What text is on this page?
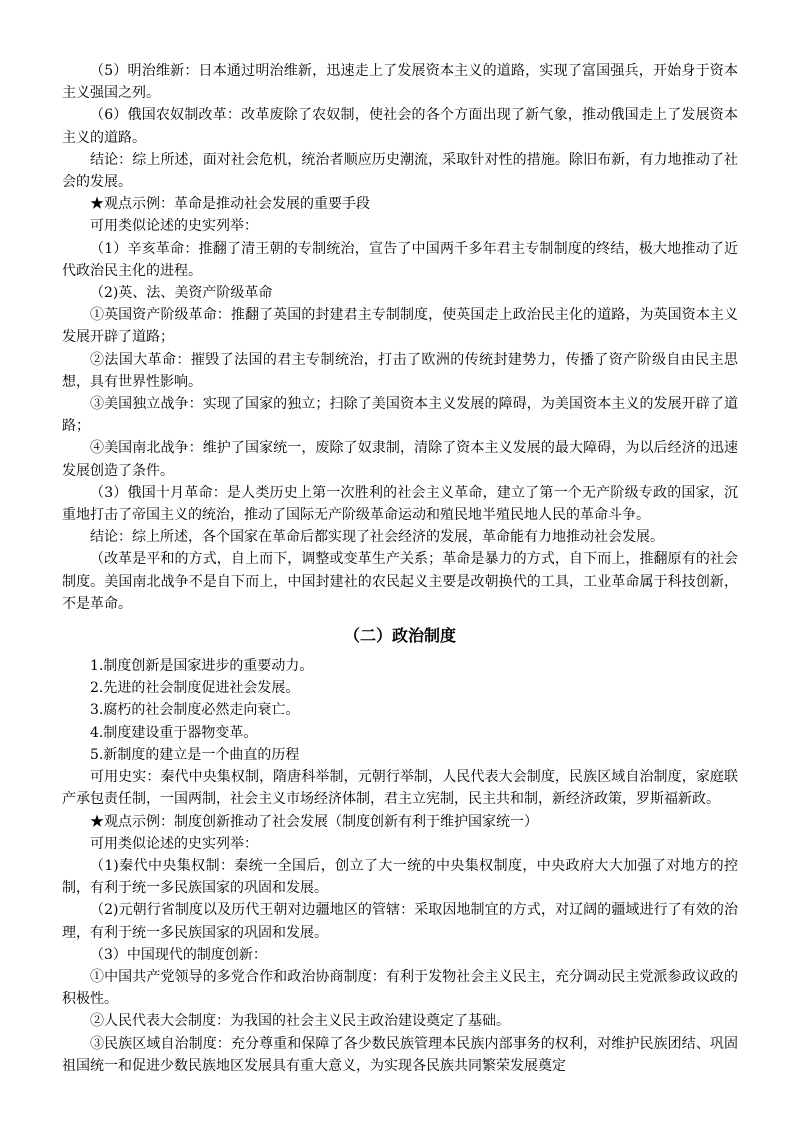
（5）明治维新：日本通过明治维新，迅速走上了发展资本主义的道路，实现了富国强兵，开始身于资本主义强国之列。

（6）俄国农奴制改革：改革废除了农奴制，使社会的各个方面出现了新气象，推动俄国走上了发展资本主义的道路。

结论：综上所述，面对社会危机，统治者顺应历史潮流，采取针对性的措施。除旧布新，有力地推动了社会的发展。

★观点示例：革命是推动社会发展的重要手段

可用类似论述的史实列举：

（1）辛亥革命：推翻了清王朝的专制统治，宣告了中国两千多年君主专制制度的终结，极大地推动了近代政治民主化的进程。

（2)英、法、美资产阶级革命

①英国资产阶级革命：推翻了英国的封建君主专制制度，使英国走上政治民主化的道路，为英国资本主义发展开辟了道路；

②法国大革命：摧毁了法国的君主专制统治，打击了欧洲的传统封建势力，传播了资产阶级自由民主思想，具有世界性影响。

③美国独立战争：实现了国家的独立；扫除了美国资本主义发展的障碍，为美国资本主义的发展开辟了道路；

④美国南北战争：维护了国家统一，废除了奴隶制，清除了资本主义发展的最大障碍，为以后经济的迅速发展创造了条件。

（3）俄国十月革命：是人类历史上第一次胜利的社会主义革命，建立了第一个无产阶级专政的国家，沉重地打击了帝国主义的统治，推动了国际无产阶级革命运动和殖民地半殖民地人民的革命斗争。

结论：综上所述，各个国家在革命后都实现了社会经济的发展，革命能有力地推动社会发展。

（改革是平和的方式，自上而下，调整或变革生产关系；革命是暴力的方式，自下而上，推翻原有的社会制度。美国南北战争不是自下而上，中国封建社的农民起义主要是改朝换代的工具，工业革命属于科技创新，不是革命。

（二）政治制度

1.制度创新是国家进步的重要动力。

2.先进的社会制度促进社会发展。

3.腐朽的社会制度必然走向衰亡。

4.制度建设重于器物变革。

5.新制度的建立是一个曲直的历程

可用史实：秦代中央集权制，隋唐科举制，元朝行举制，人民代表大会制度，民族区域自治制度，家庭联产承包责任制，一国两制，社会主义市场经济体制，君主立宪制，民主共和制，新经济政策，罗斯福新政。

★观点示例：制度创新推动了社会发展（制度创新有利于维护国家统一）

可用类似论述的史实列举：

（1)秦代中央集权制：秦统一全国后，创立了大一统的中央集权制度，中央政府大大加强了对地方的控制，有利于统一多民族国家的巩固和发展。

（2)元朝行省制度以及历代王朝对边疆地区的管辖：采取因地制宜的方式，对辽阔的疆域进行了有效的治理，有利于统一多民族国家的巩固和发展。

（3）中国现代的制度创新：

①中国共产党领导的多党合作和政治协商制度：有利于发物社会主义民主，充分调动民主党派参政议政的积极性。

②人民代表大会制度：为我国的社会主义民主政治建设奠定了基础。

③民族区域自治制度：充分尊重和保障了各少数民族管理本民族内部事务的权利，对维护民族团结、巩固祖国统一和促进少数民族地区发展具有重大意义，为实现各民族共同繁荣发展奠定
